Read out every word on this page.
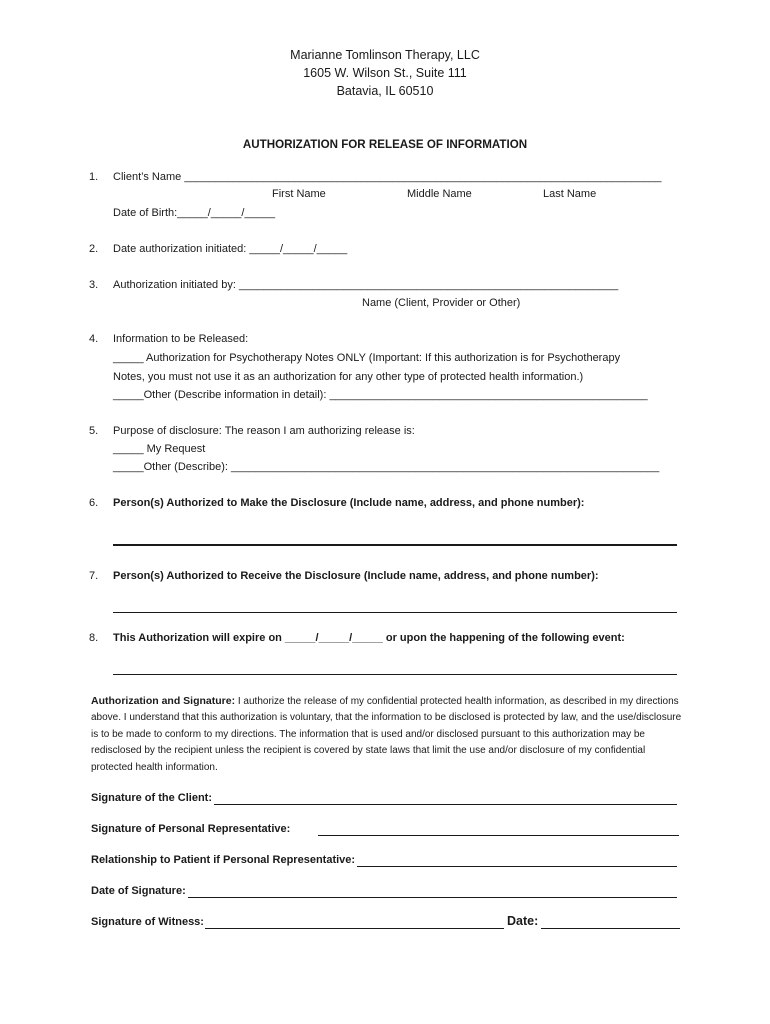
Marianne Tomlinson Therapy, LLC
1605 W. Wilson St., Suite 111
Batavia, IL 60510
AUTHORIZATION FOR RELEASE OF INFORMATION
1. Client’s Name ______________________________________________________________________________
First Name	Middle Name	Last Name
Date of Birth:_____/_____/_____
2. Date authorization initiated: _____/_____/_____
3. Authorization initiated by: ______________________________________________________________
Name (Client, Provider or Other)
4. Information to be Released:
_____ Authorization for Psychotherapy Notes ONLY (Important: If this authorization is for Psychotherapy
Notes, you must not use it as an authorization for any other type of protected health information.)
_____Other (Describe information in detail): ____________________________________________________
5. Purpose of disclosure: The reason I am authorizing release is:
_____ My Request
_____Other (Describe): ______________________________________________________________________
6. Person(s) Authorized to Make the Disclosure (Include name, address, and phone number):
7. Person(s) Authorized to Receive the Disclosure (Include name, address, and phone number):
8. This Authorization will expire on _____/_____/_____ or upon the happening of the following event:
Authorization and Signature: I authorize the release of my confidential protected health information, as described in my directions above. I understand that this authorization is voluntary, that the information to be disclosed is protected by law, and the use/disclosure is to be made to conform to my directions. The information that is used and/or disclosed pursuant to this authorization may be redisclosed by the recipient unless the recipient is covered by state laws that limit the use and/or disclosure of my confidential protected health information.
Signature of the Client:
Signature of Personal Representative:
Relationship to Patient if Personal Representative:
Date of Signature:
Signature of Witness:	Date:
